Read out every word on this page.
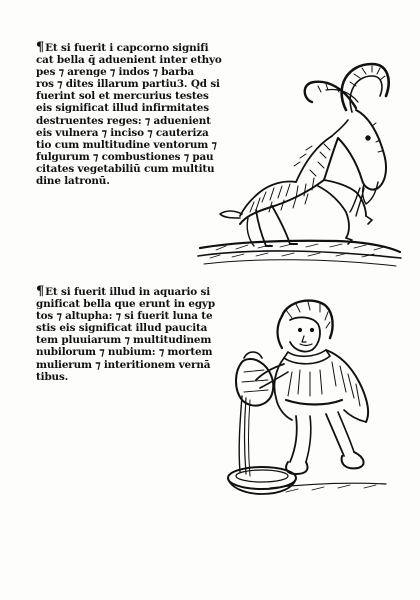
¶Et si fuerit i capcorno signifi
cat bella q̄ aduenient inter ethyo
pes ⁊ arenge ⁊ indos ⁊ barba
ros ⁊ dites illarum partiu3. Qd si
fuerint sol et mercurius testes
eis significat illud infirmitates
destruentes reges: ⁊ aduenient
eis vulnera ⁊ inciso ⁊ cauteriza
tio cum multitudine ventorum ⁊
fulgurum ⁊ combustiones ⁊ pau
citates vegetabiliū cum multitu
dine latronū.
¶Et si fuerit illud in aquario si
gnificat bella que erunt in egyp
tos ⁊ altupha: ⁊ si fuerit luna te
stis eis significat illud paucita
tem pluuiarum ⁊ multitudinem
nubilorum ⁊ nubium: ⁊ mortem
mulierum ⁊ interitionem vernā
tibus.
